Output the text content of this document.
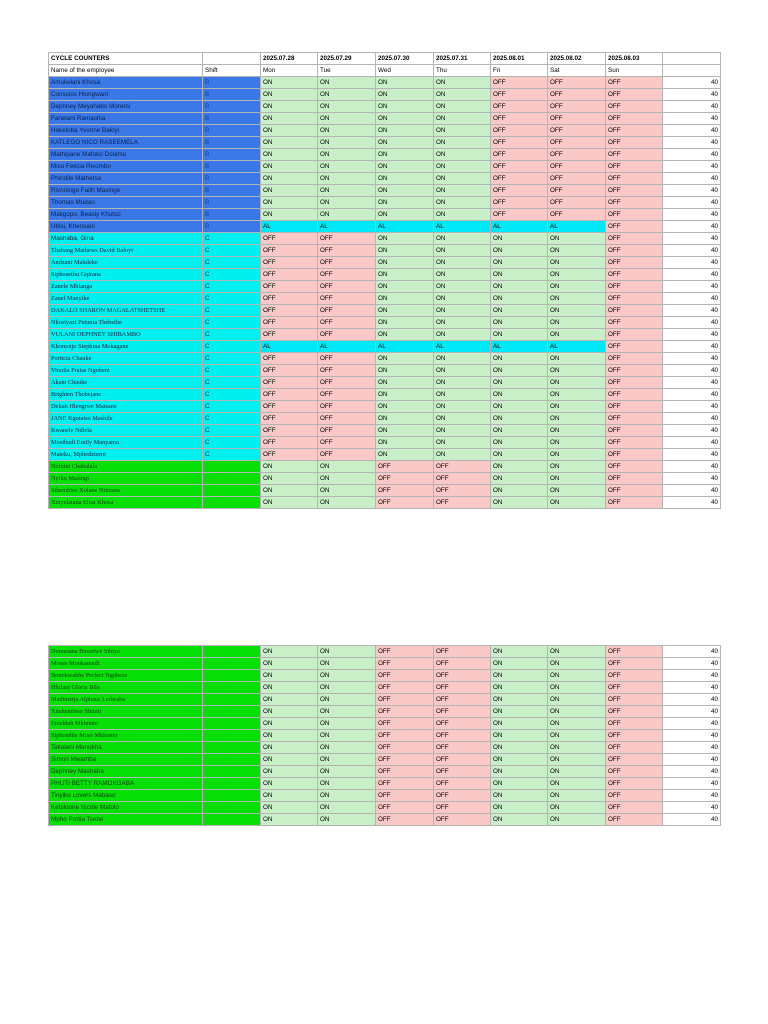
CYCLE COUNTERS		2025.07.28	2025.07.29	2025.07.30	2025.07.31	2025.08.01	2025.08.02	2025.08.03	
Name of the employee	Shift	Mon	Tue	Wed	Thu	Fri	Sat	Sun	
Amukelani Khosa	B	ON	ON	ON	ON	OFF	OFF	OFF	40
Conscios Hlongwani	B	ON	ON	ON	ON	OFF	OFF	OFF	40
Dephney Meyahabo Moremi	B	ON	ON	ON	ON	OFF	OFF	OFF	40
Fanelani Ramashia	B	ON	ON	ON	ON	OFF	OFF	OFF	40
Hakeloba Yvonne Baloyi	B	ON	ON	ON	ON	OFF	OFF	OFF	40
KATLEGO NICO RASEEMELA	B	ON	ON	ON	ON	OFF	OFF	OFF	40
Mathipane Mafoko Dolamo	B	ON	ON	ON	ON	OFF	OFF	OFF	40
Mixo Felicia Rivombo	B	ON	ON	ON	ON	OFF	OFF	OFF	40
Phindile Mathetsa	B	ON	ON	ON	ON	OFF	OFF	OFF	40
Rivoningo Faith Masinge	B	ON	ON	ON	ON	OFF	OFF	OFF	40
Thomas Mudau	B	ON	ON	ON	ON	OFF	OFF	OFF	40
Makgopo, Beasly Khutso	B	ON	ON	ON	ON	OFF	OFF	OFF	40
Ubisi, Khensani	B	AL	AL	AL	AL	AL	AL	OFF	40
Mashaba, Gina	C	OFF	OFF	ON	ON	ON	ON	OFF	40
Thabang Mathews David Baloyi	C	OFF	OFF	ON	ON	ON	ON	OFF	40
Andzani Maluleke	C	OFF	OFF	ON	ON	ON	ON	OFF	40
Siphosethu Gqirana	C	OFF	OFF	ON	ON	ON	ON	OFF	40
Zanele Mhlanga	C	OFF	OFF	ON	ON	ON	ON	OFF	40
Zanel Manyike	C	OFF	OFF	ON	ON	ON	ON	OFF	40
DAKALO SHARON MAGALATSHETSHE	C	OFF	OFF	ON	ON	ON	ON	OFF	40
Nkosiyazi Petunia Thebethe	C	OFF	OFF	ON	ON	ON	ON	OFF	40
VULANI DEPHNEY SHIBAMBO	C	OFF	OFF	ON	ON	ON	ON	OFF	40
Khomotjo Stephina Mokagane	C	AL	AL	AL	AL	AL	AL	OFF	40
Porticia Chauke	C	OFF	OFF	ON	ON	ON	ON	OFF	40
Vinolia Praise Ngobeni	C	OFF	OFF	ON	ON	ON	ON	OFF	40
Akani Chauke	C	OFF	OFF	ON	ON	ON	ON	OFF	40
Brighten Thobejane	C	OFF	OFF	ON	ON	ON	ON	OFF	40
Deltah Hlengiwe Matsane	C	OFF	OFF	ON	ON	ON	ON	OFF	40
JANE Kgotatso Mashile	C	OFF	OFF	ON	ON	ON	ON	OFF	40
Kwanele Ndlela	C	OFF	OFF	ON	ON	ON	ON	OFF	40
Mosibudi Emily Manyama	C	OFF	OFF	ON	ON	ON	ON	OFF	40
Mateku, Mphedziseni	C	OFF	OFF	ON	ON	ON	ON	OFF	40
Nothini Chabalala	A	ON	ON	OFF	OFF	ON	ON	OFF	40
Nyiko Masingi	A	ON	ON	OFF	OFF	ON	ON	OFF	40
Sthembiso Xolane Ntimane	A	ON	ON	OFF	OFF	ON	ON	OFF	40
Xinyelatana Elisa Khosa	A	ON	ON	OFF	OFF	ON	ON	OFF	40
Dumasana Busisiwe Sibiya	A	ON	ON	OFF	OFF	ON	ON	OFF	40
Moses Mookamedi	A	ON	ON	OFF	OFF	ON	ON	OFF	40
Bonokwakhe Perfect Ngobese	A	ON	ON	OFF	OFF	ON	ON	OFF	40
Hlulani Gloria Bila	A	ON	ON	OFF	OFF	ON	ON	OFF	40
Madimetja Alphaus Ledwaba	A	ON	ON	OFF	OFF	ON	ON	OFF	40
Xitshembiso Shibiti	A	ON	ON	OFF	OFF	ON	ON	OFF	40
Emeldah Mkhonto	A	ON	ON	OFF	OFF	ON	ON	OFF	40
Siphosihle Mixo Mkhonto	A	ON	ON	OFF	OFF	ON	ON	OFF	40
Takaleni Manukha	A	ON	ON	OFF	OFF	ON	ON	OFF	40
Simon Mwamba	A	ON	ON	OFF	OFF	ON	ON	OFF	40
Dephney Mashaba	A	ON	ON	OFF	OFF	ON	ON	OFF	40
PHUTI BETTY RAMOKGABA	A	ON	ON	OFF	OFF	ON	ON	OFF	40
Tinyiko Lovers Mabaso	A	ON	ON	OFF	OFF	ON	ON	OFF	40
Kebiloone Nicole Mafolo	A	ON	ON	OFF	OFF	ON	ON	OFF	40
Mpho Portia Tsebe	A	ON	ON	OFF	OFF	ON	ON	OFF	40
